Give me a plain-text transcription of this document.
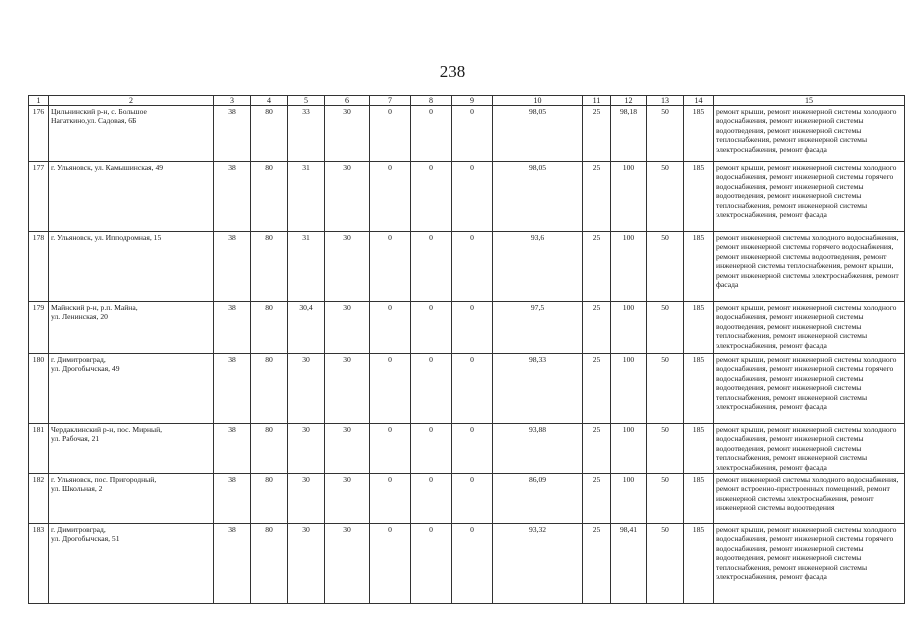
238
1	2	3	4	5	6	7	8	9	10	11	12	13	14	15
176	Цильнинский р-н, с. Большое
Нагаткино,ул. Садовая, 6Б	38	80	33	30	0	0	0	98,05	25	98,18	50	185	ремонт крыши, ремонт инженерной системы холодного водоснабжения, ремонт инженерной системы водоотведения, ремонт инженерной системы теплоснабжения, ремонт инженерной системы электроснабжения, ремонт фасада
177	г. Ульяновск, ул. Камышинская, 49	38	80	31	30	0	0	0	98,05	25	100	50	185	ремонт крыши, ремонт инженерной системы холодного водоснабжения, ремонт инженерной системы горячего водоснабжения, ремонт инженерной системы водоотведения, ремонт инженерной системы теплоснабжения, ремонт инженерной системы электроснабжения, ремонт фасада
178	г. Ульяновск, ул. Ипподромная, 15	38	80	31	30	0	0	0	93,6	25	100	50	185	ремонт инженерной системы холодного водоснабжения, ремонт инженерной системы горячего водоснабжения, ремонт инженерной системы водоотведения, ремонт инженерной системы теплоснабжения, ремонт крыши, ремонт инженерной системы электроснабжения, ремонт фасада
179	Майнский р-н, р.п. Майна,
ул. Ленинская, 20	38	80	30,4	30	0	0	0	97,5	25	100	50	185	ремонт крыши, ремонт инженерной системы холодного водоснабжения, ремонт инженерной системы водоотведения, ремонт инженерной системы теплоснабжения, ремонт инженерной системы электроснабжения, ремонт фасада
180	г. Димитровград,
ул. Дрогобычская, 49	38	80	30	30	0	0	0	98,33	25	100	50	185	ремонт крыши, ремонт инженерной системы холодного водоснабжения, ремонт инженерной системы горячего водоснабжения, ремонт инженерной системы водоотведения, ремонт инженерной системы теплоснабжения, ремонт инженерной системы электроснабжения, ремонт фасада
181	Чердаклинский р-н, пос. Мирный,
ул. Рабочая, 21	38	80	30	30	0	0	0	93,88	25	100	50	185	ремонт крыши, ремонт инженерной системы холодного водоснабжения, ремонт инженерной системы водоотведения, ремонт инженерной системы теплоснабжения, ремонт инженерной системы электроснабжения, ремонт фасада
182	г. Ульяновск, пос. Пригородный,
ул. Школьная, 2	38	80	30	30	0	0	0	86,09	25	100	50	185	ремонт инженерной системы холодного водоснабжения, ремонт встроенно-пристроенных помещений, ремонт инженерной системы электроснабжения, ремонт инженерной системы водоотведения
183	г. Димитровград,
ул. Дрогобычская, 51	38	80	30	30	0	0	0	93,32	25	98,41	50	185	ремонт крыши, ремонт инженерной системы холодного водоснабжения, ремонт инженерной системы горячего водоснабжения, ремонт инженерной системы водоотведения, ремонт инженерной системы теплоснабжения, ремонт инженерной системы электроснабжения, ремонт фасада
